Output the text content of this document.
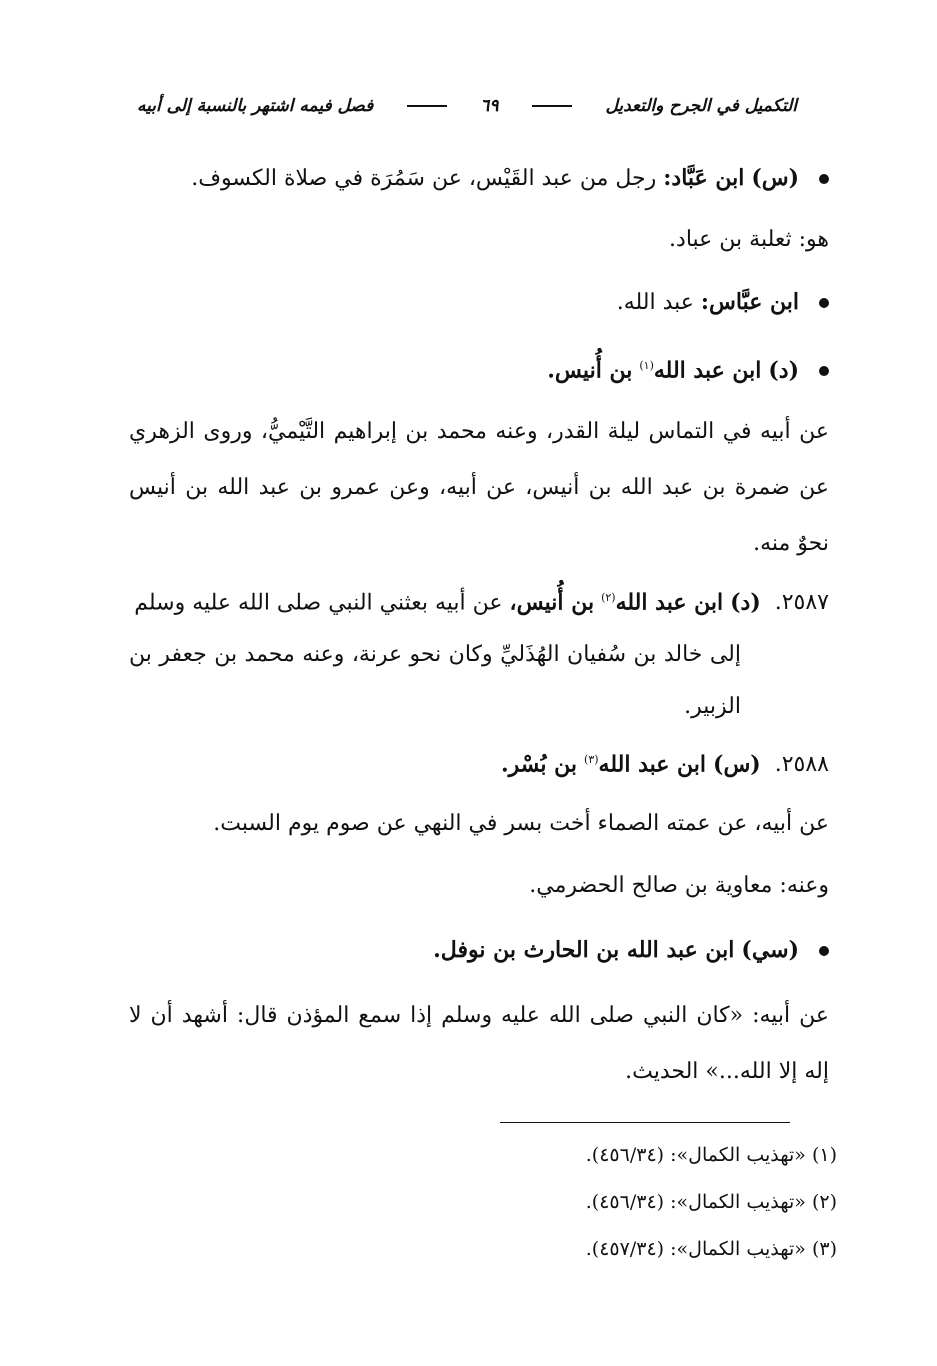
التكميل في الجرح والتعديل
٦٩
فصل فيمه اشتهر بالنسبة إلى أبيه
(س) ابن عَبَّاد: رجل من عبد القَيْس، عن سَمُرَة في صلاة الكسوف.
هو: ثعلبة بن عباد.
ابن عبَّاس: عبد الله.
(د) ابن عبد الله$^{(١)}$ بن أُنيس.
عن أبيه في التماس ليلة القدر، وعنه محمد بن إبراهيم التَّيْميُّ، وروى الزهري عن ضمرة بن عبد الله بن أنيس، عن أبيه، وعن عمرو بن عبد الله بن أنيس نحوٌ منه.
٢٥٨٧.(د) ابن عبد الله$^{(٢)}$ بن أُنيس، عن أبيه بعثني النبي صلى الله عليه وسلم
إلى خالد بن سُفيان الهُذَليِّ وكان نحو عرنة، وعنه محمد بن جعفر بن الزبير.
٢٥٨٨.(س) ابن عبد الله$^{(٣)}$ بن بُسْر.
عن أبيه، عن عمته الصماء أخت بسر في النهي عن صوم يوم السبت.
وعنه: معاوية بن صالح الحضرمي.
(سي) ابن عبد الله بن الحارث بن نوفل.
عن أبيه: «كان النبي صلى الله عليه وسلم إذا سمع المؤذن قال: أشهد أن لا إله إلا الله...» الحديث.
(١) «تهذيب الكمال»: (٤٥٦/٣٤).
(٢) «تهذيب الكمال»: (٤٥٦/٣٤).
(٣) «تهذيب الكمال»: (٤٥٧/٣٤).
